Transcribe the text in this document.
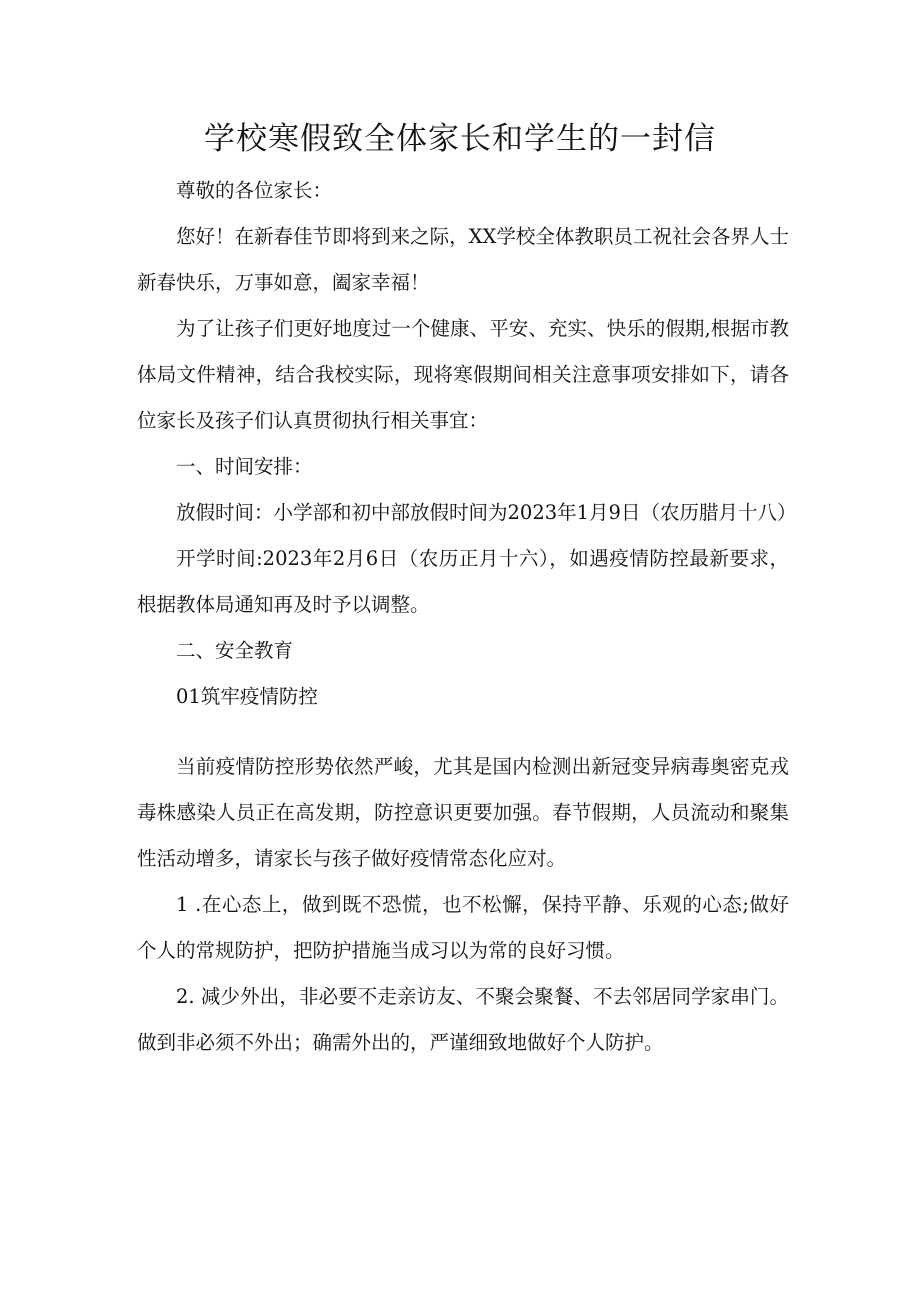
学校寒假致全体家长和学生的一封信

尊敬的各位家长：

您好！在新春佳节即将到来之际，XX学校全体教职员工祝社会各界人士新春快乐，万事如意，阖家幸福！

为了让孩子们更好地度过一个健康、平安、充实、快乐的假期,根据市教体局文件精神，结合我校实际，现将寒假期间相关注意事项安排如下，请各位家长及孩子们认真贯彻执行相关事宜：

一、时间安排：

放假时间：小学部和初中部放假时间为2023年1月9日（农历腊月十八）

开学时间:2023年2月6日（农历正月十六），如遇疫情防控最新要求，根据教体局通知再及时予以调整。

二、安全教育

01筑牢疫情防控

当前疫情防控形势依然严峻，尤其是国内检测出新冠变异病毒奥密克戎毒株感染人员正在高发期，防控意识更要加强。春节假期，人员流动和聚集性活动增多，请家长与孩子做好疫情常态化应对。

1 .在心态上，做到既不恐慌，也不松懈，保持平静、乐观的心态;做好个人的常规防护，把防护措施当成习以为常的良好习惯。

2. 减少外出，非必要不走亲访友、不聚会聚餐、不去邻居同学家串门。做到非必须不外出；确需外出的，严谨细致地做好个人防护。
